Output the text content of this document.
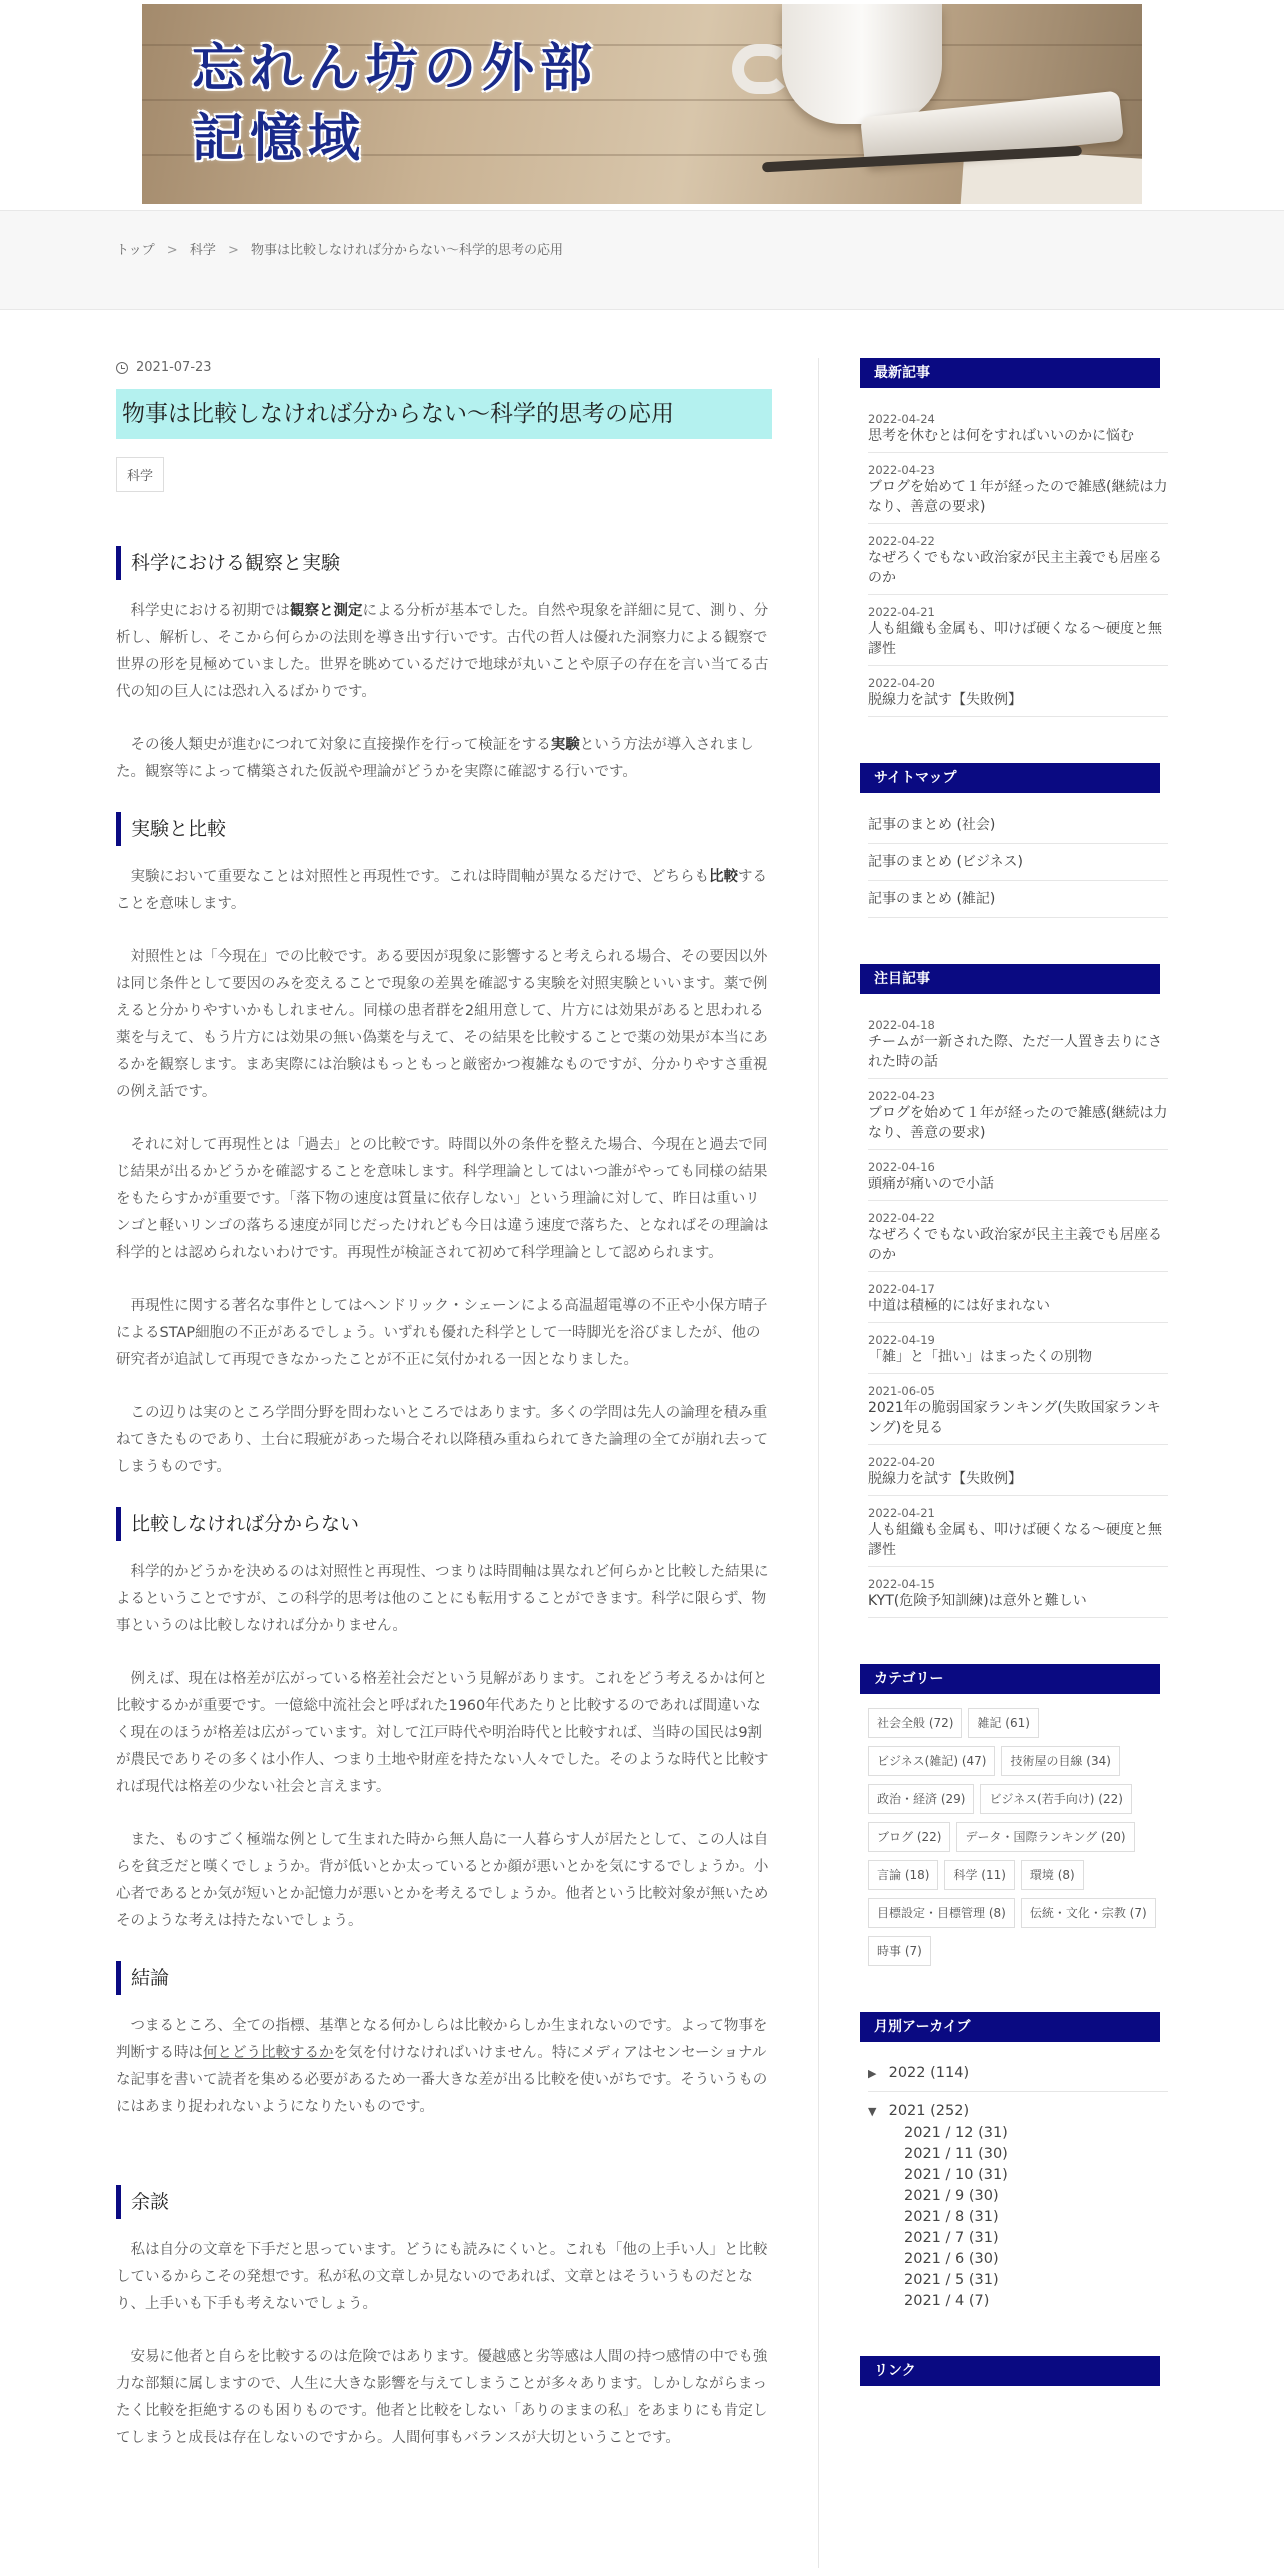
忘れん坊の外部記憶域
トップ > 科学 > 物事は比較しなければ分からない～科学的思考の応用
2021-07-23
物事は比較しなければ分からない～科学的思考の応用
科学
科学における観察と実験

科学史における初期では観察と測定による分析が基本でした。自然や現象を詳細に見て、測り、分析し、解析し、そこから何らかの法則を導き出す行いです。古代の哲人は優れた洞察力による観察で世界の形を見極めていました。世界を眺めているだけで地球が丸いことや原子の存在を言い当てる古代の知の巨人には恐れ入るばかりです。

その後人類史が進むにつれて対象に直接操作を行って検証をする実験という方法が導入されました。観察等によって構築された仮説や理論がどうかを実際に確認する行いです。

実験と比較

実験において重要なことは対照性と再現性です。これは時間軸が異なるだけで、どちらも比較することを意味します。

対照性とは「今現在」での比較です。ある要因が現象に影響すると考えられる場合、その要因以外は同じ条件として要因のみを変えることで現象の差異を確認する実験を対照実験といいます。薬で例えると分かりやすいかもしれません。同様の患者群を2組用意して、片方には効果があると思われる薬を与えて、もう片方には効果の無い偽薬を与えて、その結果を比較することで薬の効果が本当にあるかを観察します。まあ実際には治験はもっともっと厳密かつ複雑なものですが、分かりやすさ重視の例え話です。

それに対して再現性とは「過去」との比較です。時間以外の条件を整えた場合、今現在と過去で同じ結果が出るかどうかを確認することを意味します。科学理論としてはいつ誰がやっても同様の結果をもたらすかが重要です。「落下物の速度は質量に依存しない」という理論に対して、昨日は重いリンゴと軽いリンゴの落ちる速度が同じだったけれども今日は違う速度で落ちた、となればその理論は科学的とは認められないわけです。再現性が検証されて初めて科学理論として認められます。

再現性に関する著名な事件としてはヘンドリック・シェーンによる高温超電導の不正や小保方晴子によるSTAP細胞の不正があるでしょう。いずれも優れた科学として一時脚光を浴びましたが、他の研究者が追試して再現できなかったことが不正に気付かれる一因となりました。

この辺りは実のところ学問分野を問わないところではあります。多くの学問は先人の論理を積み重ねてきたものであり、土台に瑕疵があった場合それ以降積み重ねられてきた論理の全てが崩れ去ってしまうものです。

比較しなければ分からない

科学的かどうかを決めるのは対照性と再現性、つまりは時間軸は異なれど何らかと比較した結果によるということですが、この科学的思考は他のことにも転用することができます。科学に限らず、物事というのは比較しなければ分かりません。

例えば、現在は格差が広がっている格差社会だという見解があります。これをどう考えるかは何と比較するかが重要です。一億総中流社会と呼ばれた1960年代あたりと比較するのであれば間違いなく現在のほうが格差は広がっています。対して江戸時代や明治時代と比較すれば、当時の国民は9割が農民でありその多くは小作人、つまり土地や財産を持たない人々でした。そのような時代と比較すれば現代は格差の少ない社会と言えます。

また、ものすごく極端な例として生まれた時から無人島に一人暮らす人が居たとして、この人は自らを貧乏だと嘆くでしょうか。背が低いとか太っているとか顔が悪いとかを気にするでしょうか。小心者であるとか気が短いとか記憶力が悪いとかを考えるでしょうか。他者という比較対象が無いためそのような考えは持たないでしょう。

結論

つまるところ、全ての指標、基準となる何かしらは比較からしか生まれないのです。よって物事を判断する時は何とどう比較するかを気を付けなければいけません。特にメディアはセンセーショナルな記事を書いて読者を集める必要があるため一番大きな差が出る比較を使いがちです。そういうものにはあまり捉われないようになりたいものです。

余談

私は自分の文章を下手だと思っています。どうにも読みにくいと。これも「他の上手い人」と比較しているからこその発想です。私が私の文章しか見ないのであれば、文章とはそういうものだとなり、上手いも下手も考えないでしょう。

安易に他者と自らを比較するのは危険ではあります。優越感と劣等感は人間の持つ感情の中でも強力な部類に属しますので、人生に大きな影響を与えてしまうことが多々あります。しかしながらまったく比較を拒絶するのも困りものです。他者と比較をしない「ありのままの私」をあまりにも肯定してしまうと成長は存在しないのですから。人間何事もバランスが大切ということです。

最新記事
2022-04-24
思考を休むとは何をすればいいのかに悩む
2022-04-23
ブログを始めて１年が経ったので雑感(継続は力なり、善意の要求)
2022-04-22
なぜろくでもない政治家が民主主義でも居座るのか
2022-04-21
人も組織も金属も、叩けば硬くなる～硬度と無謬性
2022-04-20
脱線力を試す【失敗例】
サイトマップ
記事のまとめ (社会)
記事のまとめ (ビジネス)
記事のまとめ (雑記)
注目記事
2022-04-18
チームが一新された際、ただ一人置き去りにされた時の話
2022-04-23
ブログを始めて１年が経ったので雑感(継続は力なり、善意の要求)
2022-04-16
頭痛が痛いので小話
2022-04-22
なぜろくでもない政治家が民主主義でも居座るのか
2022-04-17
中道は積極的には好まれない
2022-04-19
「雑」と「拙い」はまったくの別物
2021-06-05
2021年の脆弱国家ランキング(失敗国家ランキング)を見る
2022-04-20
脱線力を試す【失敗例】
2022-04-21
人も組織も金属も、叩けば硬くなる～硬度と無謬性
2022-04-15
KYT(危険予知訓練)は意外と難しい
カテゴリー
社会全般 (72)	雑記 (61)
ビジネス(雑記) (47)	技術屋の目線 (34)
政治・経済 (29)	ビジネス(若手向け) (22)
ブログ (22)	データ・国際ランキング (20)
言論 (18)	科学 (11)	環境 (8)
目標設定・目標管理 (8)	伝統・文化・宗教 (7)
時事 (7)
月別アーカイブ
▶ 2022 (114)
▼ 2021 (252)
2021 / 12 (31)
2021 / 11 (30)
2021 / 10 (31)
2021 / 9 (30)
2021 / 8 (31)
2021 / 7 (31)
2021 / 6 (30)
2021 / 5 (31)
2021 / 4 (7)
リンク
